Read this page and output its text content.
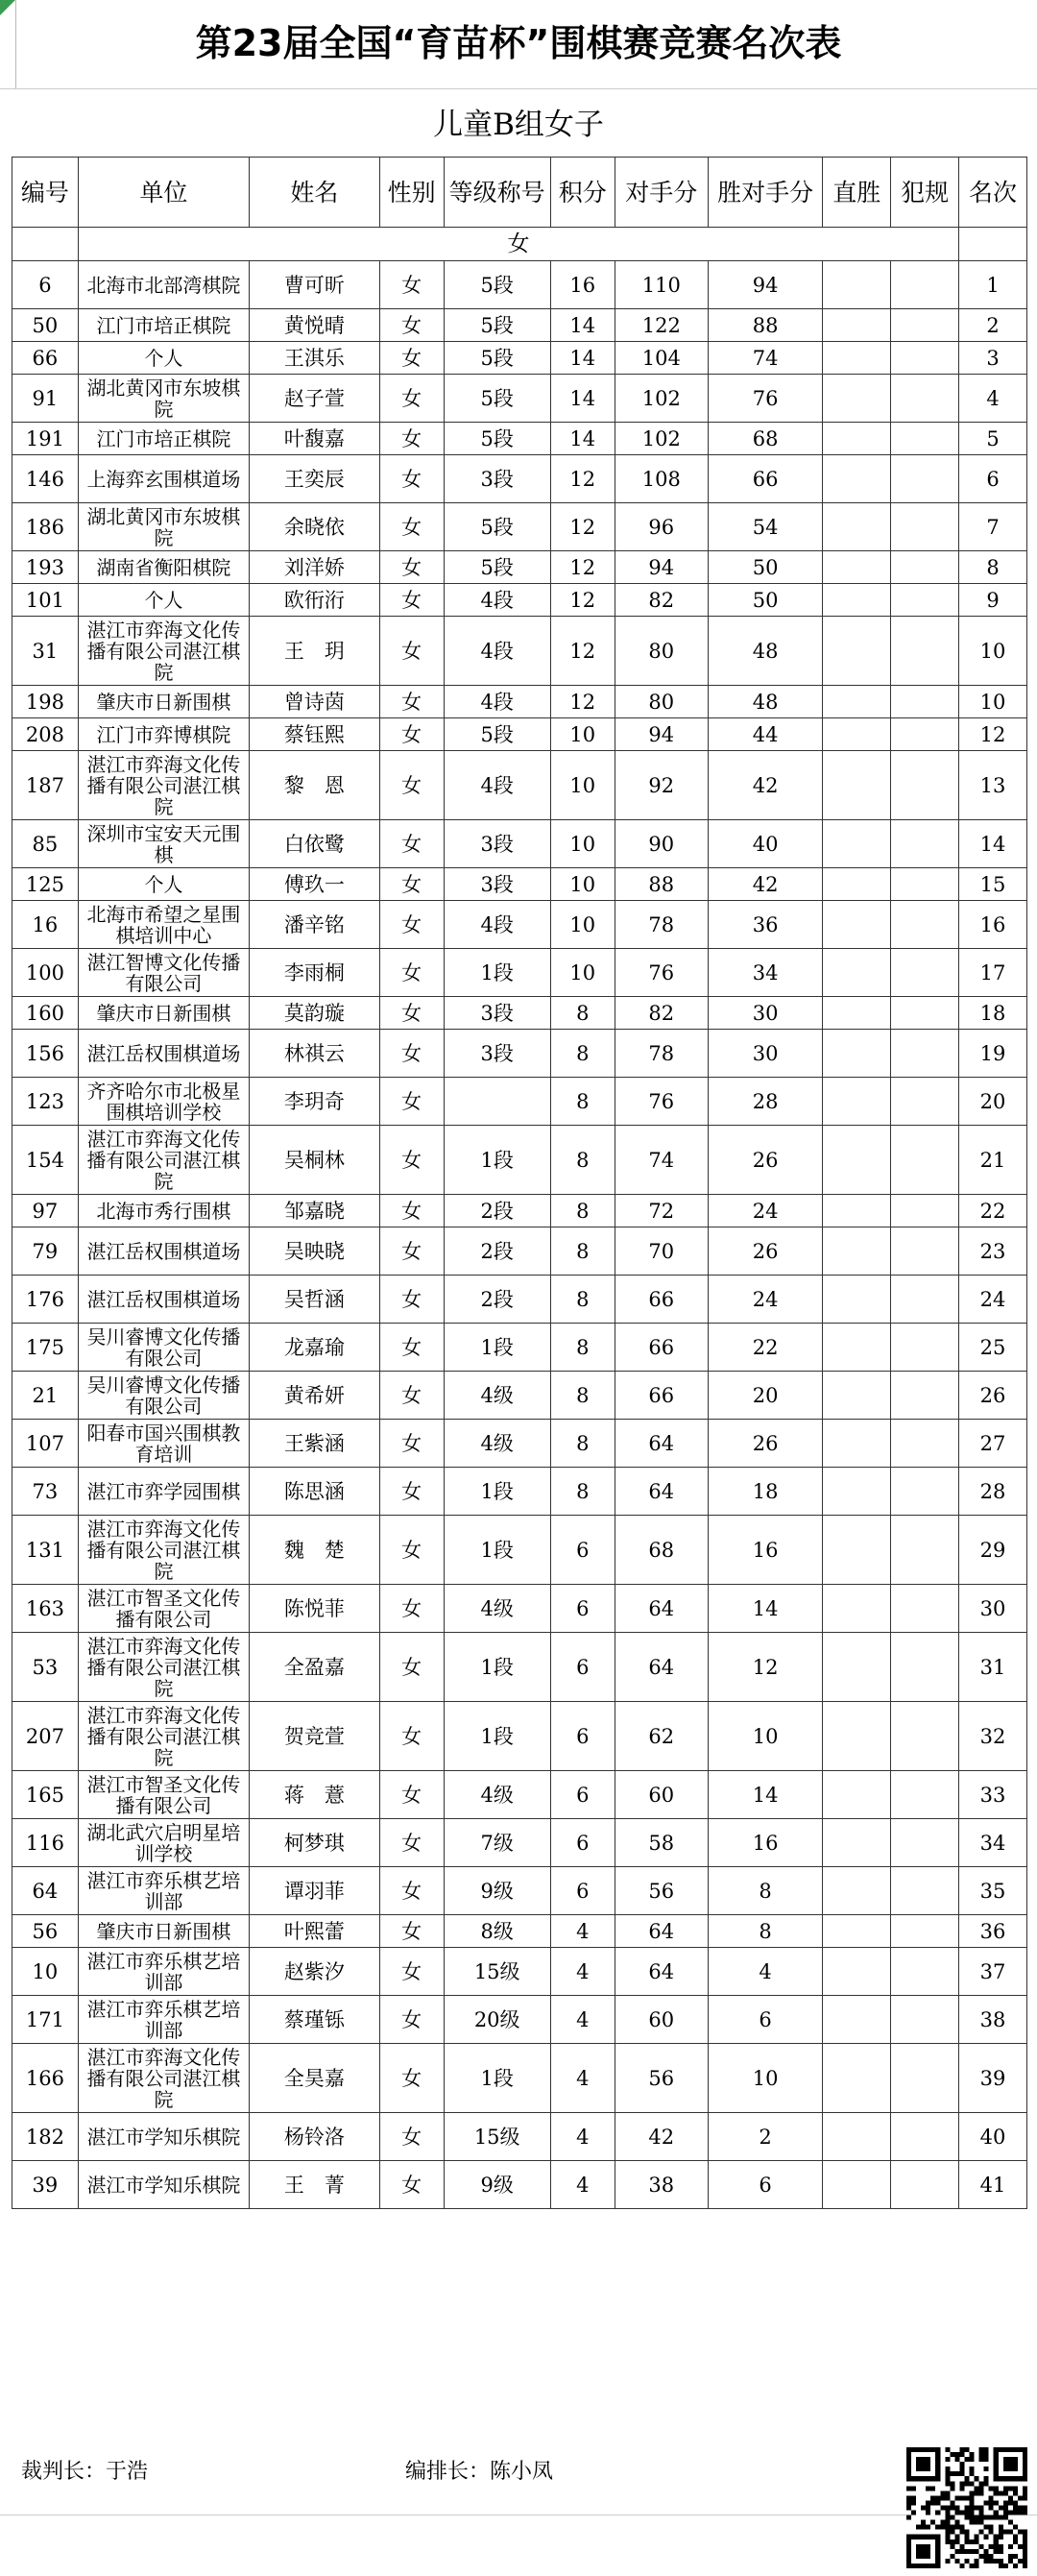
第23届全国“育苗杯”围棋赛竞赛名次表
儿童B组女子
编号	单位	姓名	性别	等级称号	积分	对手分	胜对手分	直胜	犯规	名次
	女									
6	北海市北部湾棋院	曹可昕	女	5段	16	110	94			1
50	江门市培正棋院	黄悦晴	女	5段	14	122	88			2
66	个人	王淇乐	女	5段	14	104	74			3
91	湖北黄冈市东坡棋院	赵子萱	女	5段	14	102	76			4
191	江门市培正棋院	叶馥嘉	女	5段	14	102	68			5
146	上海弈玄围棋道场	王奕辰	女	3段	12	108	66			6
186	湖北黄冈市东坡棋院	余晓依	女	5段	12	96	54			7
193	湖南省衡阳棋院	刘洋娇	女	5段	12	94	50			8
101	个人	欧衎洐	女	4段	12	82	50			9
31	湛江市弈海文化传播有限公司湛江棋院	王　玥	女	4段	12	80	48			10
198	肇庆市日新围棋	曾诗茵	女	4段	12	80	48			10
208	江门市弈博棋院	蔡钰熙	女	5段	10	94	44			12
187	湛江市弈海文化传播有限公司湛江棋院	黎　恩	女	4段	10	92	42			13
85	深圳市宝安天元围棋	白依鹭	女	3段	10	90	40			14
125	个人	傅玖一	女	3段	10	88	42			15
16	北海市希望之星围棋培训中心	潘辛铭	女	4段	10	78	36			16
100	湛江智博文化传播有限公司	李雨桐	女	1段	10	76	34			17
160	肇庆市日新围棋	莫韵璇	女	3段	8	82	30			18
156	湛江岳权围棋道场	林祺云	女	3段	8	78	30			19
123	齐齐哈尔市北极星围棋培训学校	李玥奇	女		8	76	28			20
154	湛江市弈海文化传播有限公司湛江棋院	吴桐林	女	1段	8	74	26			21
97	北海市秀行围棋	邹嘉晓	女	2段	8	72	24			22
79	湛江岳权围棋道场	吴映晓	女	2段	8	70	26			23
176	湛江岳权围棋道场	吴哲涵	女	2段	8	66	24			24
175	吴川睿博文化传播有限公司	龙嘉瑜	女	1段	8	66	22			25
21	吴川睿博文化传播有限公司	黄希妍	女	4级	8	66	20			26
107	阳春市国兴围棋教育培训	王紫涵	女	4级	8	64	26			27
73	湛江市弈学园围棋	陈思涵	女	1段	8	64	18			28
131	湛江市弈海文化传播有限公司湛江棋院	魏　楚	女	1段	6	68	16			29
163	湛江市智圣文化传播有限公司	陈悦菲	女	4级	6	64	14			30
53	湛江市弈海文化传播有限公司湛江棋院	全盈嘉	女	1段	6	64	12			31
207	湛江市弈海文化传播有限公司湛江棋院	贺竞萱	女	1段	6	62	10			32
165	湛江市智圣文化传播有限公司	蒋　薏	女	4级	6	60	14			33
116	湖北武穴启明星培训学校	柯梦琪	女	7级	6	58	16			34
64	湛江市弈乐棋艺培训部	谭羽菲	女	9级	6	56	8			35
56	肇庆市日新围棋	叶熙蕾	女	8级	4	64	8			36
10	湛江市弈乐棋艺培训部	赵紫汐	女	15级	4	64	4			37
171	湛江市弈乐棋艺培训部	蔡瑾铄	女	20级	4	60	6			38
166	湛江市弈海文化传播有限公司湛江棋院	全昊嘉	女	1段	4	56	10			39
182	湛江市学知乐棋院	杨铃洛	女	15级	4	42	2			40
39	湛江市学知乐棋院	王　菁	女	9级	4	38	6			41
裁判长：于浩	编排长：陈小凤
